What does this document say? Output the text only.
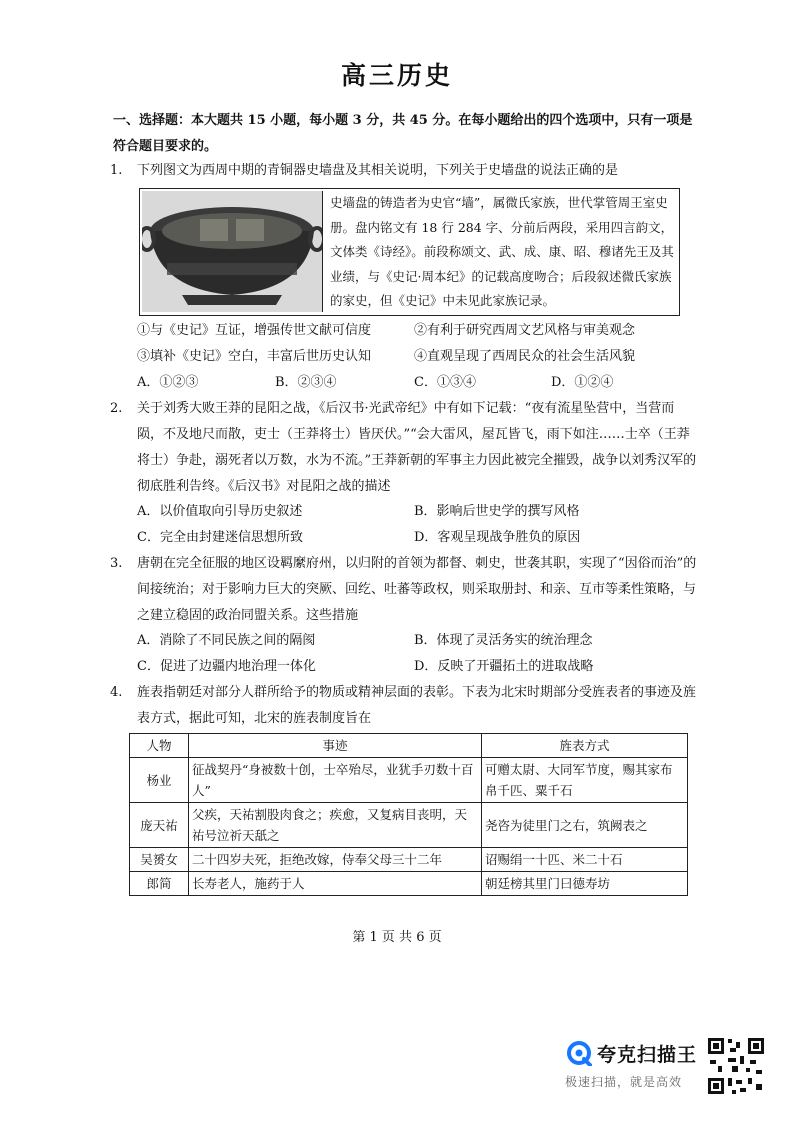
高三历史
一、选择题：本大题共 15 小题，每小题 3 分，共 45 分。在每小题给出的四个选项中，只有一项是符合题目要求的。
1. 下列图文为西周中期的青铜器史墙盘及其相关说明，下列关于史墙盘的说法正确的是
史墙盘的铸造者为史官“墙”，属微氏家族，世代掌管周王室史册。盘内铭文有 18 行 284 字、分前后两段，采用四言韵文，文体类《诗经》。前段称颂文、武、成、康、昭、穆诸先王及其业绩，与《史记·周本纪》的记载高度吻合；后段叙述微氏家族的家史，但《史记》中未见此家族记录。
①与《史记》互证，增强传世文献可信度	②有利于研究西周文艺风格与审美观念
③填补《史记》空白，丰富后世历史认知	④直观呈现了西周民众的社会生活风貌
A．①②③	B．②③④	C．①③④	D．①②④
2. 关于刘秀大败王莽的昆阳之战，《后汉书·光武帝纪》中有如下记载：“夜有流星坠营中，当营而陨，不及地尺而散，吏士（王莽将士）皆厌伏。”“会大雷风，屋瓦皆飞，雨下如注……士卒（王莽将士）争赴，溺死者以万数，水为不流。”王莽新朝的军事主力因此被完全摧毁，战争以刘秀汉军的彻底胜利告终。《后汉书》对昆阳之战的描述
A．以价值取向引导历史叙述	B．影响后世史学的撰写风格
C．完全由封建迷信思想所致	D．客观呈现战争胜负的原因
3. 唐朝在完全征服的地区设羁縻府州，以归附的首领为都督、刺史，世袭其职，实现了“因俗而治”的间接统治；对于影响力巨大的突厥、回纥、吐蕃等政权，则采取册封、和亲、互市等柔性策略，与之建立稳固的政治同盟关系。这些措施
A．消除了不同民族之间的隔阂	B．体现了灵活务实的统治理念
C．促进了边疆内地治理一体化	D．反映了开疆拓土的进取战略
4. 旌表指朝廷对部分人群所给予的物质或精神层面的表彰。下表为北宋时期部分受旌表者的事迹及旌表方式，据此可知，北宋的旌表制度旨在
人物	事迹	旌表方式
杨业	征战契丹“身被数十创，士卒殆尽，业犹手刃数十百人”	可赠太尉、大同军节度，赐其家布帛千匹、粟千石
庞天祐	父疾，天祐割股肉食之；疾愈，又复病目丧明，天祐号泣祈天舐之	尧咨为徒里门之右，筑阙表之
吴赟女	二十四岁夫死，拒绝改嫁，侍奉父母三十二年	诏赐绢一十匹、米二十石
郎简	长寿老人，施药于人	朝廷榜其里门曰德寿坊
第 1 页 共 6 页
夸克扫描王
极速扫描，就是高效
